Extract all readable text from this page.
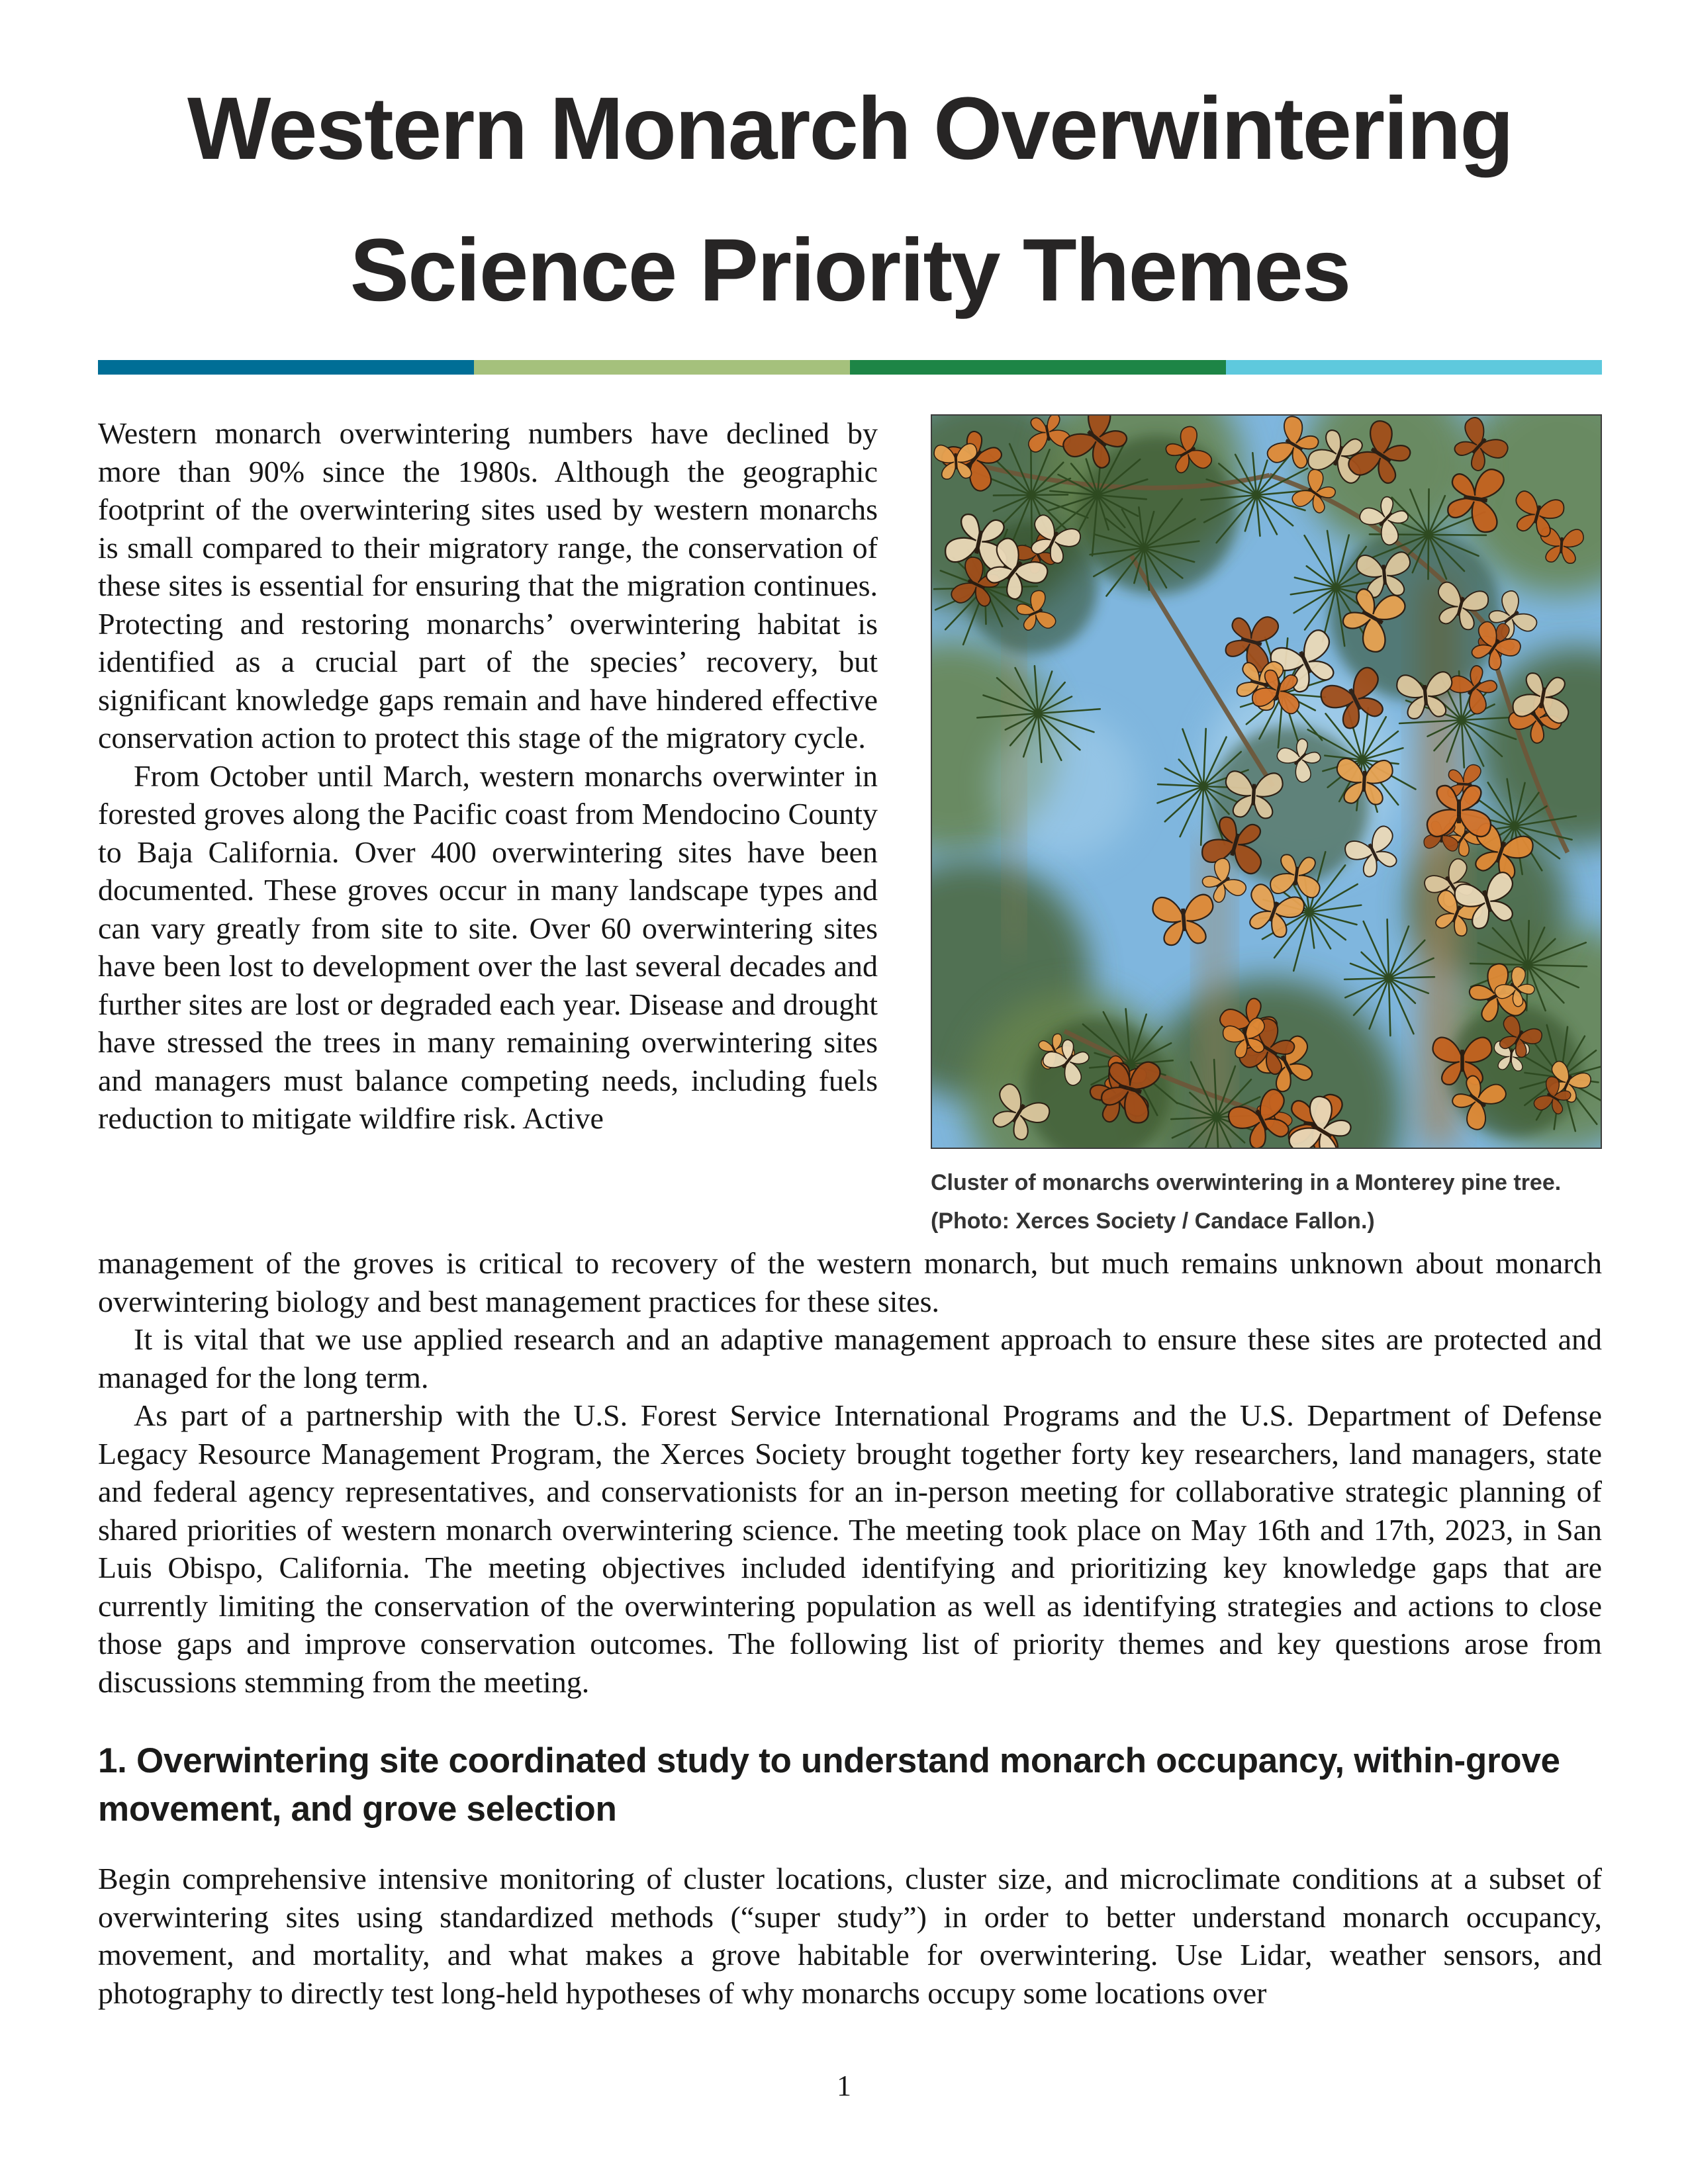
Western Monarch Overwintering
Science Priority Themes

Western monarch overwintering numbers have declined by more than 90% since the 1980s. Although the geographic footprint of the overwintering sites used by western monarchs is small compared to their migratory range, the conservation of these sites is essential for ensuring that the migration continues. Protecting and restoring monarchs’ overwintering habitat is identified as a crucial part of the species’ recovery, but significant knowledge gaps remain and have hindered effective conservation action to protect this stage of the migratory cycle.

From October until March, western monarchs overwinter in forested groves along the Pacific coast from Mendocino County to Baja California. Over 400 overwintering sites have been documented. These groves occur in many landscape types and can vary greatly from site to site. Over 60 overwintering sites have been lost to development over the last several decades and further sites are lost or degraded each year. Disease and drought have stressed the trees in many remaining overwintering sites and managers must balance competing needs, including fuels reduction to mitigate wildfire risk. Active

Cluster of monarchs overwintering in a Monterey pine tree.
(Photo: Xerces Society / Candace Fallon.)

management of the groves is critical to recovery of the western monarch, but much remains unknown about monarch overwintering biology and best management practices for these sites.

It is vital that we use applied research and an adaptive management approach to ensure these sites are protected and managed for the long term.

As part of a partnership with the U.S. Forest Service International Programs and the U.S. Department of Defense Legacy Resource Management Program, the Xerces Society brought together forty key researchers, land managers, state and federal agency representatives, and conservationists for an in-person meeting for collaborative strategic planning of shared priorities of western monarch overwintering science. The meeting took place on May 16th and 17th, 2023, in San Luis Obispo, California. The meeting objectives included identifying and prioritizing key knowledge gaps that are currently limiting the conservation of the overwintering population as well as identifying strategies and actions to close those gaps and improve conservation outcomes. The following list of priority themes and key questions arose from discussions stemming from the meeting.

1. Overwintering site coordinated study to understand monarch occupancy, within-grove movement, and grove selection

Begin comprehensive intensive monitoring of cluster locations, cluster size, and microclimate conditions at a subset of overwintering sites using standardized methods (“super study”) in order to better understand monarch occupancy, movement, and mortality, and what makes a grove habitable for overwintering. Use Lidar, weather sensors, and photography to directly test long-held hypotheses of why monarchs occupy some locations over

1
